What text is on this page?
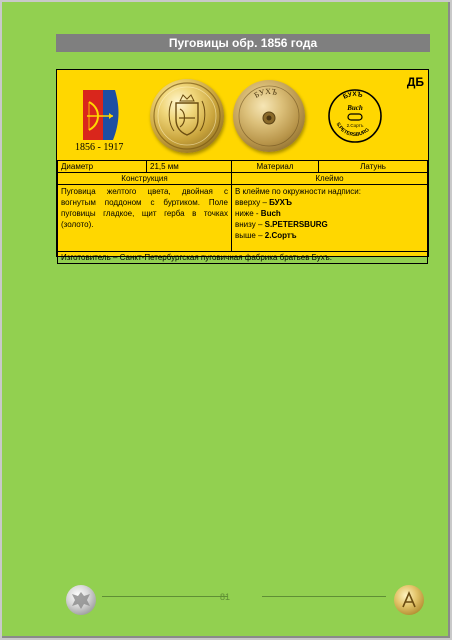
Пуговицы обр. 1856 года
ДБ
1856 - 1917
БУХЪ	БУХЪ
Buch
2.Сортъ
S.PETERSBURG
Диаметр	21,5 мм	Материал	Латунь
Конструкция		Клеймо	
Пуговица желтого цвета, двойная с вогнутым поддоном с буртиком. Поле пуговицы гладкое, щит герба в точках (золото).		В клейме по окружности надписи:
вверху – БУХЪ
ниже - Buch
внизу – S.PETERSBURG
выше – 2.Сортъ	

Изготовитель – Санкт-Петербургская пуговичная фабрика братьев Бухъ.			
81
